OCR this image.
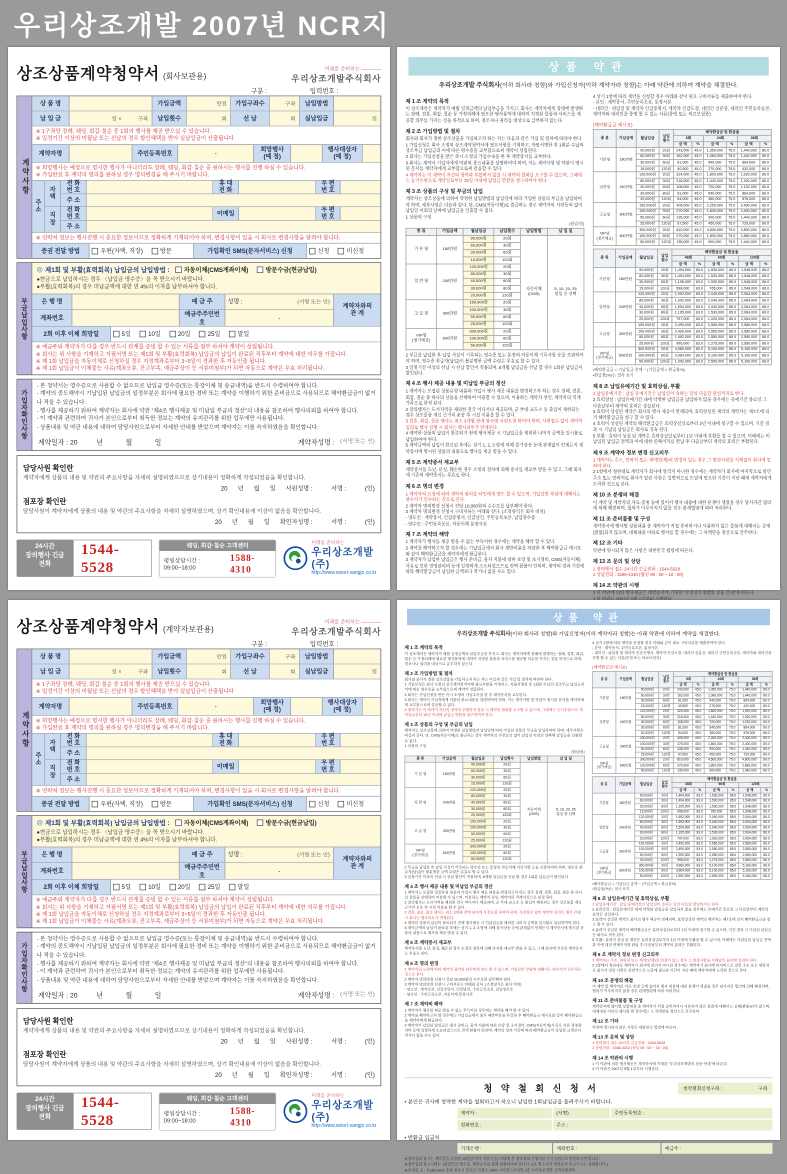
우리상조개발 2007년 NCR지
상조상품계약청약서 (회사보관용)
미래를 준비하는 ————
우리상조개발주식회사
구분 :	입력번호 :
계약사항
상 품 명	가입금액	만원	가입구좌수	구좌	납입방법
납 입 금	원 ×           구좌	납입횟수	회	선 납	회	실납입금	원
※ 1구좌당 장례, 웨딩, 회갑·칠순 중 1회의 행사를 제공 받으실 수 있습니다.
※ 일정기간 이상의 미월납 또는 선납의 경우 할인혜택을 받아 실납입금이 산출됩니다
계약자명	주민등록번호	-
희망행사
(예 정)
행사대상자
(예 정)
※ 희망행사는 예정으로 명시한 행사가 아니더라도 장례, 웨딩, 회갑·칠순 중 원하시는 행사를 진행 하실 수 있습니다.
※ 가입완료 후 계약의 명의를 원하실 경우 명의변경을 해 주시기 바랍니다.
주소
자
택
전 화
번 호
휴 대
전 화
우 편
번 호
주 소
직
장
전 화
번 호	이메일
우 편
번 호
주 소
※ 연락처 정보는 행사진행 시 중요한 정보이므로 정확하게 기재되어야 하며, 변경사항이 있을 시 회사로 변경사항을 알려야 합니다.
증권 전달 방법	우편(자택, 직장) 방문	가입확인 SMS(문자서비스) 신청	신청 미신청
부금납입사항
◎ 제1회 및 부활(효력회복) 납입금의 납입방법 : 자동이체(CMS계좌이체) 방문수금(현금납입)
●현금으로 납입하시는 경우 〈납입금 영수증〉을 꼭 받으시기 바랍니다.
●부활(효력회복)의 경우 미납금액에 대한 연 4%의 이자를 납부하셔야 합니다.
은 행 명	예 금 주	성명 :	(서명 또는 인)
계좌번호
예금주주민번호
-
계약자와의
관 계
2회 이후 이체 희망일	5일 10일 20일 25일 말일
※ 예금주와 계약자가 다를 경우 반드시 관계를 증빙 할 수 있는 서류를 첨부 하셔야 계약이 성립됩니다.
※ 회사는 위 사항을 기재하고 자필서명 또는 제1회 및 부활(효력회복) 납입금의 납입이 완료된 직후부터 계약에 대한 의무를 가집니다.
※ 제 1회 납입금을 자동이체로 신청하실 경우 지정계좌로부터 3~5일이 경과한 후 자동인출 됩니다.
※ 제 1회 납입금이 이체불능 사유(계좌오류, 잔고부족, 예금주상이 등 서류미첨부)가 되면 자동으로 계약은 무효 처리됩니다.
가입자확인사항
- 본 청약서는 영수증으로 사용할 수 없으므로 납입금 영수증(또는 통장이체 및 송금내역)을 반드시 수령하여야 합니다.
- 계약의 중도해약시 기납입된 납입금의 일정부분은 회사에 필요한 경비 또는 계약을 이행하기 위한 준비금으로 사용되므로 해약환급금이 없거나 적을 수 있습니다.
- 행사를 제공하기 위하여 계약자는 회사에 약관 “제4조 행사제공 및 미납입 부금의 정산”의 내용을 참조하여 행사의뢰를 하여야 합니다.
- 이 계약과 관련하여 귀사가 본인으로부터 취득한 정보는 계약의 유지관리를 위한 업무에만 사용됩니다.
- 상품내용 및 약관 내용에 대하여 담당사원으로부터 자세한 안내를 받았으며 계약자는 이를 숙지하였음을 확인합니다.
계약일자 : 20          년            월            일	계약자성명 : (서명 또는 인)
담당사원 확인란
계약자에게 상품의 내용 및 약관의 주요사항을 자세히 설명하였으므로 상기내용이 정확하게 작성되었음을 확인합니다.
20      년      월      일      사원성명 : 서명 : (인)
점포장 확인란
담당사원이 계약자에게 상품의 내용 및 약관의 주요사항을 자세히 설명하였으며, 상기 확인내용에 이상이 없음을 확인합니다.
20      년      월      일      확인자성명 : 서명 : (인)
24시간
장의행사 긴급전화
1544-5528
웨딩, 회갑·칠순 고객센터
평일상담시간 : 09:00~18:00
1588-4310
미래를 준비하는
우리상조개발(주)
http://www.woori-sangjo.co.kr
상조상품계약청약서 (계약자보관용)
미래를 준비하는 ————
우리상조개발주식회사
구분 :	입력번호 :
계약사항
상 품 명	가입금액	만원	가입구좌수	구좌	납입방법
납 입 금	원 ×           구좌	납입횟수	회	선 납	회	실납입금	원
※ 1구좌당 장례, 웨딩, 회갑·칠순 중 1회의 행사를 제공 받으실 수 있습니다.
※ 일정기간 이상의 미월납 또는 선납의 경우 할인혜택을 받아 실납입금이 산출됩니다
계약자명	주민등록번호	-
희망행사
(예 정)
행사대상자
(예 정)
※ 희망행사는 예정으로 명시한 행사가 아니더라도 장례, 웨딩, 회갑·칠순 중 원하시는 행사를 진행 하실 수 있습니다.
※ 가입완료 후 계약의 명의를 원하실 경우 명의변경을 해 주시기 바랍니다.
주소
자
택
전 화
번 호
휴 대
전 화
우 편
번 호
주 소
직
장
전 화
번 호	이메일
우 편
번 호
주 소
※ 연락처 정보는 행사진행 시 중요한 정보이므로 정확하게 기재되어야 하며, 변경사항이 있을 시 회사로 변경사항을 알려야 합니다.
증권 전달 방법	우편(자택, 직장) 방문	가입확인 SMS(문자서비스) 신청	신청 미신청
부금납입사항
◎ 제1회 및 부활(효력회복) 납입금의 납입방법 : 자동이체(CMS계좌이체) 방문수금(현금납입)
●현금으로 납입하시는 경우 〈납입금 영수증〉을 꼭 받으시기 바랍니다.
●부활(효력회복)의 경우 미납금액에 대한 연 4%의 이자를 납부하셔야 합니다.
은 행 명	예 금 주	성명 :	(서명 또는 인)
계좌번호
예금주주민번호
-
계약자와의
관 계
2회 이후 이체 희망일	5일 10일 20일 25일 말일
※ 예금주와 계약자가 다를 경우 반드시 관계를 증빙 할 수 있는 서류를 첨부 하셔야 계약이 성립됩니다.
※ 회사는 위 사항을 기재하고 자필서명 또는 제1회 및 부활(효력회복) 납입금의 납입이 완료된 직후부터 계약에 대한 의무를 가집니다.
※ 제 1회 납입금을 자동이체로 신청하실 경우 지정계좌로부터 3~5일이 경과한 후 자동인출 됩니다.
※ 제 1회 납입금이 이체불능 사유(계좌오류, 잔고부족, 예금주상이 등 서류미첨부)가 되면 자동으로 계약은 무효 처리됩니다.
가입자확인사항
- 본 청약서는 영수증으로 사용할 수 없으므로 납입금 영수증(또는 통장이체 및 송금내역)을 반드시 수령하여야 합니다.
- 계약의 중도해약시 기납입된 납입금의 일정부분은 회사에 필요한 경비 또는 계약을 이행하기 위한 준비금으로 사용되므로 해약환급금이 없거나 적을 수 있습니다.
- 행사를 제공하기 위하여 계약자는 회사에 약관 “제4조 행사제공 및 미납입 부금의 정산”의 내용을 참조하여 행사의뢰를 하여야 합니다.
- 이 계약과 관련하여 귀사가 본인으로부터 취득한 정보는 계약의 유지관리를 위한 업무에만 사용됩니다.
- 상품내용 및 약관 내용에 대하여 담당사원으로부터 자세한 안내를 받았으며 계약자는 이를 숙지하였음을 확인합니다.
계약일자 : 20          년            월            일	계약자성명 : (서명 또는 인)
담당사원 확인란
계약자에게 상품의 내용 및 약관의 주요사항을 자세히 설명하였으므로 상기내용이 정확하게 작성되었음을 확인합니다.
20      년      월      일      사원성명 : 서명 : (인)
점포장 확인란
담당사원이 계약자에게 상품의 내용 및 약관의 주요사항을 자세히 설명하였으며, 상기 확인내용에 이상이 없음을 확인합니다.
20      년      월      일      확인자성명 : 서명 : (인)
24시간
장의행사 긴급전화
1544-5528
웨딩, 회갑·칠순 고객센터
평일상담시간 : 09:00~18:00
1588-4310
미래를 준비하는
우리상조개발(주)
http://www.woori-sangjo.co.kr
상품 약관
우리상조개발 주식회사(이하 회사라 칭함)와 가입신청자(이하 계약자라 칭함)는 아래 약관에 의하여 계약을 체결한다.
제 1 조 계약의 목적
이 상조계약은 계약자가 매월 일정금액의 납입부금을 가지고, 회사는 계약자에게 장래에 발생하는 장례, 결혼, 회갑, 칠순 등 가정의례에 필요한 행사용역에 대하여 지정된 물품과 서비스를 제공할 의무를 가지는 것을 목적으로 하며, 경조사나 권리를 대상으로 급부하지 않는다.
제 2 조 가입방법 및 절차
회사와 회사가 정한 상조상품을 가입하고자 하는 자는 다음과 같은 가입 및 절차에 따라야 한다.
1 가입신청은 회사 소정의 상조계약청약서에 필요사항을 기재하고, 자필서명한 후 1회분 수납의 상조부금 납입금과 이에 따른 영수증을 교부함으로써 계약이 성립된다.
2 회사는 가입신청을 받은 즉시 소정의 가입수속을 한 후 계약증서를 교부한다.
3 회사는 계약서 기입자에게 약관의 중요내용을 설명하여야 하며, 이는 계약사항 및 약관이 명시된 문서를 계약자에게 교부함으로써 갈음할 수 있다.
4 계약자는 이 계약이 자신의 청약과 부합하지 않을 시 계약의 철회를 요구할 수 있으며, 그때에는 등기우편으로 계약일로부터 15일 이내에 납입금 반환을 청구하여야 한다.
제 3 조 상품의 구성 및 부금의 납입
계약자는 상조상품에 의하여 약정한 납입방법과 납입일에 따라 가입한 상품의 부금을 납입하여야 하며, 세부사항은 다음과 같다. 단, CMS(자동이체)로 출금하는 경우 계약자의 사전동의 없이 납입일 이외의 날짜에 납입금을 인출할 수 없다.
1 상품의 구성
(월납/원)
종 류	가입금액	월납입금	납입횟수	납입방법	납 입 일
기 본 형	180만원	90,000원	20회	자동이체
(CMS)	5, 10, 20, 25
말일 중 선택
		60,000원	30회		
		30,000원	60회		
		15,000원	120회		
일 반 형	240만원	120,000원	20회		
		80,000원	30회		
		40,000원	60회		
		30,000원	80회		
		20,000원	120회		
고 급 형	300만원	150,000원	20회		
		100,000원	30회		
		50,000원	60회		
		25,000원	120회		
VIP형
(정기예금)	600만원	300,000원	20회		
		100,000원	60회		
		50,000원	120회		
2 부금을 납입한 후 납입 사실이 기록되는 영수증 또는 통장의 자동이체 기록사항 등을 보관하여야 하며, 영수증 취급자(납입)이 불분명한 금액 수령은 무효로 할 수 있다.
3 일정기간 이상의 선납 시 선납 할인이 적용되며, 6개월 납입금을 선납 할 경우 1회분 납입금이 할인된다.
제 4 조 행사 제공 내용 및 미납입 부금의 정산
1 계약자는 모집된 상품유형 내용과 가입시 행사 제공 내용을 변경하고자 하는 경우 장례, 결혼, 회갑, 칠순 중 하나의 상품을 선택하여 이용할 수 있으며, 이용하는 계약자 성인, 계약자의 직계가족으로 한정 된다.
2 장의행사는 도서지역을 제외한 전국 어디서나 제공되며, 군 부대·교도소 등 출입이 제한되는 경우 상조물품 재료 근거리 운송 후 시설 이용을 할 수 있다.
3 결혼, 회갑, 칠순 행사는 최소 3개월 전에 당사에 사전요청 하여야 하며, 사전접수 없이 계약자 임의로 행사 진행 시 회사는 행사의무가 면제된다.
4 계약한 상품의 납입이 완료되기 전에 행사제공 시 기납입금을 제외한 나머지 금액을 일시불로 납입하여야 한다.
5 계약금액의 납입이 완료된 후에는 상기 1, 2, 3 항에 의해 물가상승 등에 관계없이 언제든지 계약증서에 명시된 상품의 내용으로 행사를 제공 받을 수 있다.
제 5 조 계약증서 재교부
계약증서를 도난, 분실, 훼손한 경우 소정의 절차에 의해 증서를 재교부 받을 수 있고, 그때 회사에 기존의 계약증서는 무효로 한다.
제 6 조 명의 변경
1 계약자의 요청에 따라 계약의 권리를 타인에게 양도 할 수 있으며, 가입일반 부담에 대해서는 양수자가 인수하는 것으로 본다.
2 계약자 명의변경 신청시 건당 10,000원의 수수료를 납부해야 한다.
3 계약자 명의변경 신청시 구비서류는 아래와 같다. (소정양식은 회사 비치)
- 양도인 : 계약증서, 인감증명서, 인감날인, 주민등록초본, 납입영수증
- 양수인 : 주민등록등본, 자동이체 통장사본
제 7 조 계약의 해약
1 계약자가 행사를 제공 받을 수 없는 부득이한 경우에는 계약을 해약 할 수 있다.
2 계약을 해약하고자 할 경우에는 기납입금에서 회사 제반비용을 차감한 후 해약환급금 예시표와 같이 해약환급금을 계약자에게 환급한다.
3 계약자가 납입한 납입금은 행사 준비금, 물자 지불에 대한 보장 및 초기경비, CMS(자동이체)사유로 인한 경영관리비 등에 일정하게 소요되었으므로 전액 환불이 안되며, 계약의 경과 기간에 따라 해약환급금이 납입한 금액보다 적거나 없을 수도 있다.
4 상기 1항에 따라 계약을 신청할 경우 아래와 같이 필요 구비서류를 제출하여야 한다.
- 본인 : 계약증서, 주민등록초본, 통장사본
- 대리인 : 위임장 및 계약자 인감증명서, 계약자 인감도장, 대리인 신분증, 대리인 주민등록등본, 계약자와 대리인을 증명 할 수 있는 서류(증빙 또는 의료보험증)
(해약환급금 예시표)
종 류	가입금액	월납입금	납입
횟수	해약환급금 및 환급율					
				6회		24회		36회	
				금 액	%	금 액	%	금 액	%
기본형	180만원	90,000원	20회	243,000	45.0	1,350,000	75.0	1,440,000	80.0
		60,000원	30회	162,000	45.0	1,080,000	75.0	1,440,000	80.0
		30,000원	60회	81,000	45.0	540,000	75.0	864,000	80.0
		15,000원	120회	40,500	45.0	270,000	75.0	432,000	80.0
일반형	240만원	120,000원	20회	324,000	45.0	1,800,000	75.0	1,920,000	80.0
		80,000원	30회	216,000	45.0	1,440,000	75.0	1,920,000	80.0
		40,000원	60회	108,000	45.0	720,000	75.0	1,152,000	80.0
		30,000원	80회	81,000	45.0	540,000	75.0	864,000	80.0
		20,000원	120회	54,000	45.0	360,000	75.0	576,000	80.0
고급형	300만원	150,000원	20회	405,000	45.0	2,250,000	75.0	2,400,000	80.0
		100,000원	30회	270,000	45.0	1,800,000	75.0	2,400,000	80.0
		50,000원	60회	135,000	45.0	900,000	75.0	1,440,000	80.0
		25,000원	120회	67,500	45.0	450,000	75.0	720,000	80.0
VIP형
(정기예금)	600만원	300,000원	20회	810,000	45.0	4,500,000	75.0	4,800,000	80.0
		100,000원	60회	270,000	45.0	1,800,000	75.0	2,880,000	80.0
		50,000원	120회	135,000	45.0	900,000	75.0	1,440,000	80.0
종 류	가입금액	월납입금	납입
횟수	해약환급금 및 환급율					
				48회		60회		120회	
				금 액	%	금 액	%	금 액	%
기본형	180만원	90,000원	20회	1,494,000	83.0	1,530,000	85.0	1,548,000	86.0
		60,000원	30회	1,494,000	83.0	1,530,000	85.0	1,548,000	86.0
		30,000원	60회	1,195,000	83.0	1,530,000	85.0	1,548,000	86.0
		15,000원	120회	598,000	83.0	765,000	85.0	1,548,000	86.0
일반형	240만원	120,000원	20회	1,992,000	83.0	2,040,000	85.0	2,064,000	86.0
		80,000원	30회	1,992,000	83.0	2,040,000	85.0	2,064,000	86.0
		40,000원	60회	1,594,000	83.0	2,040,000	85.0	2,064,000	86.0
		30,000원	80회	1,195,000	83.0	1,530,000	85.0	2,064,000	86.0
		20,000원	120회	797,000	83.0	1,020,000	85.0	2,064,000	86.0
고급형	300만원	150,000원	20회	2,490,000	83.0	2,550,000	85.0	2,580,000	86.0
		100,000원	30회	2,490,000	83.0	2,550,000	85.0	2,580,000	86.0
		50,000원	60회	1,992,000	83.0	2,550,000	85.0	2,580,000	86.0
		25,000원	120회	996,000	83.0	1,275,000	85.0	2,580,000	86.0
VIP형
(정기예금)	600만원	300,000원	20회	4,980,000	83.0	5,100,000	85.0	5,160,000	86.0
		100,000원	60회	3,984,000	83.0	5,100,000	85.0	5,160,000	86.0
		50,000원	120회	1,992,000	83.0	2,550,000	85.0	5,160,000	86.0
•해약환급금 = 기납입금 총액 − (가입금액 × 환급율%)
•환급율(%)는 절사 표기
제 8 조 납입유예기간 및 효력상실, 부활
1 납입유예기간 : 납입 유예기간은 납입일이 속하는 달의 다음달 말일까지로 한다.
2 효력상실 : 납입유예기간 내에 약정한 납입금을 납입하지 않을 경우에는 유예기간 종료일 그 다음날부터 계약의 효력은 상실된다.
3 효력이 상실된 계약은 회사의 행사 제공이 면제되며, 효력상실된 계약의 계약자는 제7조에 의거 해약환급금을 청구 할 수 있다.
4 효력이 상실된 계약의 해약환급금은 효력상실일로부터 2년 이내에 청구할 수 있으며, 기간 경과 시 기납입 납입금은 회사로 귀속 된다.
5 부활 : 효력이 상실 된 계약은 효력상실일로부터 1년 이내에 부활을 할 수 있으며, 이때에는 미납입된 납입금 전액과 이에 대한 연체이자를 완납 후 다음날부터 계약의 효력은 부활된다.
제 9 조 계약자 정보 변경 신고의무
1 계약자는 주소, 연락처 또는 계약(단체)의 변경이 있는 경우 그 변경사항을 지체없이 회사에 알려야 한다.
2 1항에서 정한대로 계약자가 회사에 알리지 아니한 경우에는 계약자가 회사에 마지막으로 알린 주소 또는 연락처로 회사가 알린 사항은 일반적으로 도달에 필요한 기간이 지난 때에 계약자에게 도착한 것으로 본다.
제 10 조 분쟁의 해결
이 계약 및 계약자의 자료·증빙 등에 있어서 행사 내용에 대한 분쟁이 생겼을 경우 당사자간 협의에 의해 해결하며, 협의가 이루어지지 않을 경우 관계법령에 따라 처리한다.
제 11 조 준비물품 및 구성
계약증서에 행사별 상품내용 중 계약자가 직접 준비하거나 사용하지 않은 물품에 대해서는 공제(환불)되지 않으며, 대체내용 이하로 행사를 할 경우에는 그 차액만을 정산으로 간주한다.
제 12 조 기타
약관에 명시되지 않은 사항은 대한민국 법령에 따른다.
제 13 조 문의 및 상담
1 장의행사 접수 24시간 긴급전화 : 1544-5528
2 상담전화 : 1588-4310 (평일 09 : 00 ~ 18 : 00)
제 14 조 약관의 시행
1 이 약관에 의한 행사제공은 계약증서에 기재된 “우리상조개발의 상품 안내”에 따른다.
상품 약관
우리상조개발 주식회사(이하 회사라 칭함)와 가입신청자(이하 계약자라 칭함)는 아래 약관에 의하여 계약을 체결한다.
제 1 조 계약의 목적
이 상조계약은 계약자가 매월 일정금액의 납입부금을 가지고, 회사는 계약자에게 장래에 발생하는 장례, 결혼, 회갑, 칠순 등 가정의례에 필요한 행사용역에 대하여 지정된 물품과 서비스를 제공할 의무를 가지는 것을 목적으로 하며, 경조사나 권리를 대상으로 급부하지 않는다.
제 2 조 가입방법 및 절차
회사와 회사가 정한 상조상품을 가입하고자 하는 자는 다음과 같은 가입 및 절차에 따라야 한다.
1 가입신청은 회사 소정의 상조계약청약서에 필요사항을 기재하고, 자필서명한 후 1회분 수납의 상조부금 납입금과 이에 따른 영수증을 교부함으로써 계약이 성립된다.
2 회사는 가입신청을 받은 즉시 소정의 가입수속을 한 후 계약증서를 교부한다.
3 회사는 계약서 기입자에게 약관의 중요내용을 설명하여야 하며, 이는 계약사항 및 약관이 명시된 문서를 계약자에게 교부함으로써 갈음할 수 있다.
4 계약자는 이 계약이 자신의 청약과 부합하지 않을 시 계약의 철회를 요구할 수 있으며, 그때에는 등기우편으로 계약일로부터 15일 이내에 납입금 반환을 청구하여야 한다.
제 3 조 상품의 구성 및 부금의 납입
계약자는 상조상품에 의하여 약정한 납입방법과 납입일에 따라 가입한 상품의 부금을 납입하여야 하며, 세부사항은 다음과 같다. 단, CMS(자동이체)로 출금하는 경우 계약자의 사전동의 없이 납입일 이외의 날짜에 납입금을 인출할 수 없다.
1 상품의 구성
(월납/원)
종 류	가입금액	월납입금	납입횟수	납입방법	납 입 일
기 본 형	180만원	90,000원	20회	자동이체
(CMS)	5, 10, 20, 25
말일 중 선택
		60,000원	30회		
		30,000원	60회		
		15,000원	120회		
일 반 형	240만원	120,000원	20회		
		80,000원	30회		
		40,000원	60회		
		30,000원	80회		
		20,000원	120회		
고 급 형	300만원	150,000원	20회		
		100,000원	30회		
		50,000원	60회		
		25,000원	120회		
VIP형
(정기예금)	600만원	300,000원	20회		
		100,000원	60회		
		50,000원	120회		
2 부금을 납입한 후 납입 사실이 기록되는 영수증 또는 통장의 자동이체 기록사항 등을 보관하여야 하며, 영수증 취급자(납입)이 불분명한 금액 수령은 무효로 할 수 있다.
3 일정기간 이상의 선납 시 선납 할인이 적용되며, 6개월 납입금을 선납 할 경우 1회분 납입금이 할인된다.
제 4 조 행사 제공 내용 및 미납입 부금의 정산
1 계약자는 모집된 상품유형 내용과 가입시 행사 제공 내용을 변경하고자 하는 경우 장례, 결혼, 회갑, 칠순 중 하나의 상품을 선택하여 이용할 수 있으며, 이용하는 계약자 성인, 계약자의 직계가족으로 한정 된다.
2 장의행사는 도서지역을 제외한 전국 어디서나 제공되며, 군 부대·교도소 등 출입이 제한되는 경우 상조물품 재료 근거리 운송 후 시설 이용을 할 수 있다.
3 결혼, 회갑, 칠순 행사는 최소 3개월 전에 당사에 사전요청 하여야 하며, 사전접수 없이 계약자 임의로 행사 진행 시 회사는 행사의무가 면제된다.
4 계약한 상품의 납입이 완료되기 전에 행사제공 시 기납입금을 제외한 나머지 금액을 일시불로 납입하여야 한다.
5 계약금액의 납입이 완료된 후에는 상기 1, 2, 3 항에 의해 물가상승 등에 관계없이 언제든지 계약증서에 명시된 상품의 내용으로 행사를 제공 받을 수 있다.
제 5 조 계약증서 재교부
계약증서를 도난, 분실, 훼손한 경우 소정의 절차에 의해 증서를 재교부 받을 수 있고, 그때 회사에 기존의 계약증서는 무효로 한다.
제 6 조 명의 변경
1 계약자의 요청에 따라 계약의 권리를 타인에게 양도 할 수 있으며, 가입일반 부담에 대해서는 양수자가 인수하는 것으로 본다.
2 계약자 명의변경 신청시 건당 10,000원의 수수료를 납부해야 한다.
3 계약자 명의변경 신청시 구비서류는 아래와 같다. (소정양식은 회사 비치)
- 양도인 : 계약증서, 인감증명서, 인감날인, 주민등록초본, 납입영수증
- 양수인 : 주민등록등본, 자동이체 통장사본
제 7 조 계약의 해약
1 계약자가 행사를 제공 받을 수 없는 부득이한 경우에는 계약을 해약 할 수 있다.
2 계약을 해약하고자 할 경우에는 기납입금에서 회사 제반비용을 차감한 후 해약환급금 예시표와 같이 해약환급금을 계약자에게 환급한다.
3 계약자가 납입한 납입금은 행사 준비금, 물자 지불에 대한 보장 및 초기경비, CMS(자동이체)사유로 인한 경영관리비 등에 일정하게 소요되었으므로 전액 환불이 안되며, 계약의 경과 기간에 따라 해약환급금이 납입한 금액보다 적거나 없을 수도 있다.
4 상기 1항에 따라 계약을 신청할 경우 아래와 같이 필요 구비서류를 제출하여야 한다.
- 본인 : 계약증서, 주민등록초본, 통장사본
- 대리인 : 위임장 및 계약자 인감증명서, 계약자 인감도장, 대리인 신분증, 대리인 주민등록등본, 계약자와 대리인을 증명 할 수 있는 서류(증빙 또는 의료보험증)
(해약환급금 예시표)
종 류	가입금액	월납입금	납입
횟수	해약환급금 및 환급율					
				6회		24회		36회	
				금 액	%	금 액	%	금 액	%
기본형	180만원	90,000원	20회	243,000	45.0	1,350,000	75.0	1,440,000	80.0
		60,000원	30회	162,000	45.0	1,080,000	75.0	1,440,000	80.0
		30,000원	60회	81,000	45.0	540,000	75.0	864,000	80.0
		15,000원	120회	40,500	45.0	270,000	75.0	432,000	80.0
일반형	240만원	120,000원	20회	324,000	45.0	1,800,000	75.0	1,920,000	80.0
		80,000원	30회	216,000	45.0	1,440,000	75.0	1,920,000	80.0
		40,000원	60회	108,000	45.0	720,000	75.0	1,152,000	80.0
		30,000원	80회	81,000	45.0	540,000	75.0	864,000	80.0
		20,000원	120회	54,000	45.0	360,000	75.0	576,000	80.0
고급형	300만원	150,000원	20회	405,000	45.0	2,250,000	75.0	2,400,000	80.0
		100,000원	30회	270,000	45.0	1,800,000	75.0	2,400,000	80.0
		50,000원	60회	135,000	45.0	900,000	75.0	1,440,000	80.0
		25,000원	120회	67,500	45.0	450,000	75.0	720,000	80.0
VIP형
(정기예금)	600만원	300,000원	20회	810,000	45.0	4,500,000	75.0	4,800,000	80.0
		100,000원	60회	270,000	45.0	1,800,000	75.0	2,880,000	80.0
		50,000원	120회	135,000	45.0	900,000	75.0	1,440,000	80.0
종 류	가입금액	월납입금	납입
횟수	해약환급금 및 환급율					
				48회		60회		120회	
				금 액	%	금 액	%	금 액	%
기본형	180만원	90,000원	20회	1,494,000	83.0	1,530,000	85.0	1,548,000	86.0
		60,000원	30회	1,494,000	83.0	1,530,000	85.0	1,548,000	86.0
		30,000원	60회	1,195,000	83.0	1,530,000	85.0	1,548,000	86.0
		15,000원	120회	598,000	83.0	765,000	85.0	1,548,000	86.0
일반형	240만원	120,000원	20회	1,992,000	83.0	2,040,000	85.0	2,064,000	86.0
		80,000원	30회	1,992,000	83.0	2,040,000	85.0	2,064,000	86.0
		40,000원	60회	1,594,000	83.0	2,040,000	85.0	2,064,000	86.0
		30,000원	80회	1,195,000	83.0	1,530,000	85.0	2,064,000	86.0
		20,000원	120회	797,000	83.0	1,020,000	85.0	2,064,000	86.0
고급형	300만원	150,000원	20회	2,490,000	83.0	2,550,000	85.0	2,580,000	86.0
		100,000원	30회	2,490,000	83.0	2,550,000	85.0	2,580,000	86.0
		50,000원	60회	1,992,000	83.0	2,550,000	85.0	2,580,000	86.0
		25,000원	120회	996,000	83.0	1,275,000	85.0	2,580,000	86.0
VIP형
(정기예금)	600만원	300,000원	20회	4,980,000	83.0	5,100,000	85.0	5,160,000	86.0
		100,000원	60회	3,984,000	83.0	5,100,000	85.0	5,160,000	86.0
		50,000원	120회	1,992,000	83.0	2,550,000	85.0	5,160,000	86.0
•해약환급금 = 기납입금 총액 − (가입금액 × 환급율%)
•환급율(%)는 절사 표기
제 8 조 납입유예기간 및 효력상실, 부활
1 납입유예기간 : 납입 유예기간은 납입일이 속하는 달의 다음달 말일까지로 한다.
2 효력상실 : 납입유예기간 내에 약정한 납입금을 납입하지 않을 경우에는 유예기간 종료일 그 다음날부터 계약의 효력은 상실된다.
3 효력이 상실된 계약은 회사의 행사 제공이 면제되며, 효력상실된 계약의 계약자는 제7조에 의거 해약환급금을 청구 할 수 있다.
4 효력이 상실된 계약의 해약환급금은 효력상실일로부터 2년 이내에 청구할 수 있으며, 기간 경과 시 기납입 납입금은 회사로 귀속 된다.
5 부활 : 효력이 상실 된 계약은 효력상실일로부터 1년 이내에 부활을 할 수 있으며, 이때에는 미납입된 납입금 전액과 이에 대한 연체이자를 완납 후 다음날부터 계약의 효력은 부활된다.
제 9 조 계약자 정보 변경 신고의무
1 계약자는 주소, 연락처 또는 계약(단체)의 변경이 있는 경우 그 변경사항을 지체없이 회사에 알려야 한다.
2 1항에서 정한대로 계약자가 회사에 알리지 아니한 경우에는 계약자가 회사에 마지막으로 알린 주소 또는 연락처로 회사가 알린 사항은 일반적으로 도달에 필요한 기간이 지난 때에 계약자에게 도착한 것으로 본다.
제 10 조 분쟁의 해결
이 계약 및 계약자의 자료·증빙 등에 있어서 행사 내용에 대한 분쟁이 생겼을 경우 당사자간 협의에 의해 해결하며, 협의가 이루어지지 않을 경우 관계법령에 따라 처리한다.
제 11 조 준비물품 및 구성
계약증서에 행사별 상품내용 중 계약자가 직접 준비하거나 사용하지 않은 물품에 대해서는 공제(환불)되지 않으며, 대체내용 이하로 행사를 할 경우에는 그 차액만을 정산으로 간주한다.
제 12 조 기타
약관에 명시되지 않은 사항은 대한민국 법령에 따른다.
제 13 조 문의 및 상담
1 장의행사 접수 24시간 긴급전화 : 1544-5528
2 상담전화 : 1588-4310 (평일 09 : 00 ~ 18 : 00)
제 14 조 약관의 시행
1 이 약관에 의한 행사제공은 계약증서에 기재된 “우리상조개발의 상품 안내”에 따른다.
2 이 약관은 2007년 5월 1일부터 시행한다.
청 약 철 회 신 청 서	청약철회신청구좌 :	구좌
• 본인은 귀사에 청약한 계약을 철회하고자 하오니 납입한 1회납입금을 돌려주시기 바랍니다.
계약자 :	(서명)	주민등록번호 :
전화번호 :	주소 :
• 반환금 입금처
거래은행 :	계좌번호 :	예금주 :
※청약철회 청구는 계약일을 포함한 15일(무이자 적용기준) 이내에 본 청약철회 신청서를 등기우편으로 발송하시면 됩니다.
※청약철회 청구시에는 1회납입금 영수증, 계약증서를 함께 제출하셔야 합니다. (단, 영수증과 계약증서 미교부시는 제외됩니다.)
※보내실 곳 : 우)361-801 충북 청주시 흥덕구 가경동 1449 시티빌스카이빌 2층 우리상조개발 고객지원센터
